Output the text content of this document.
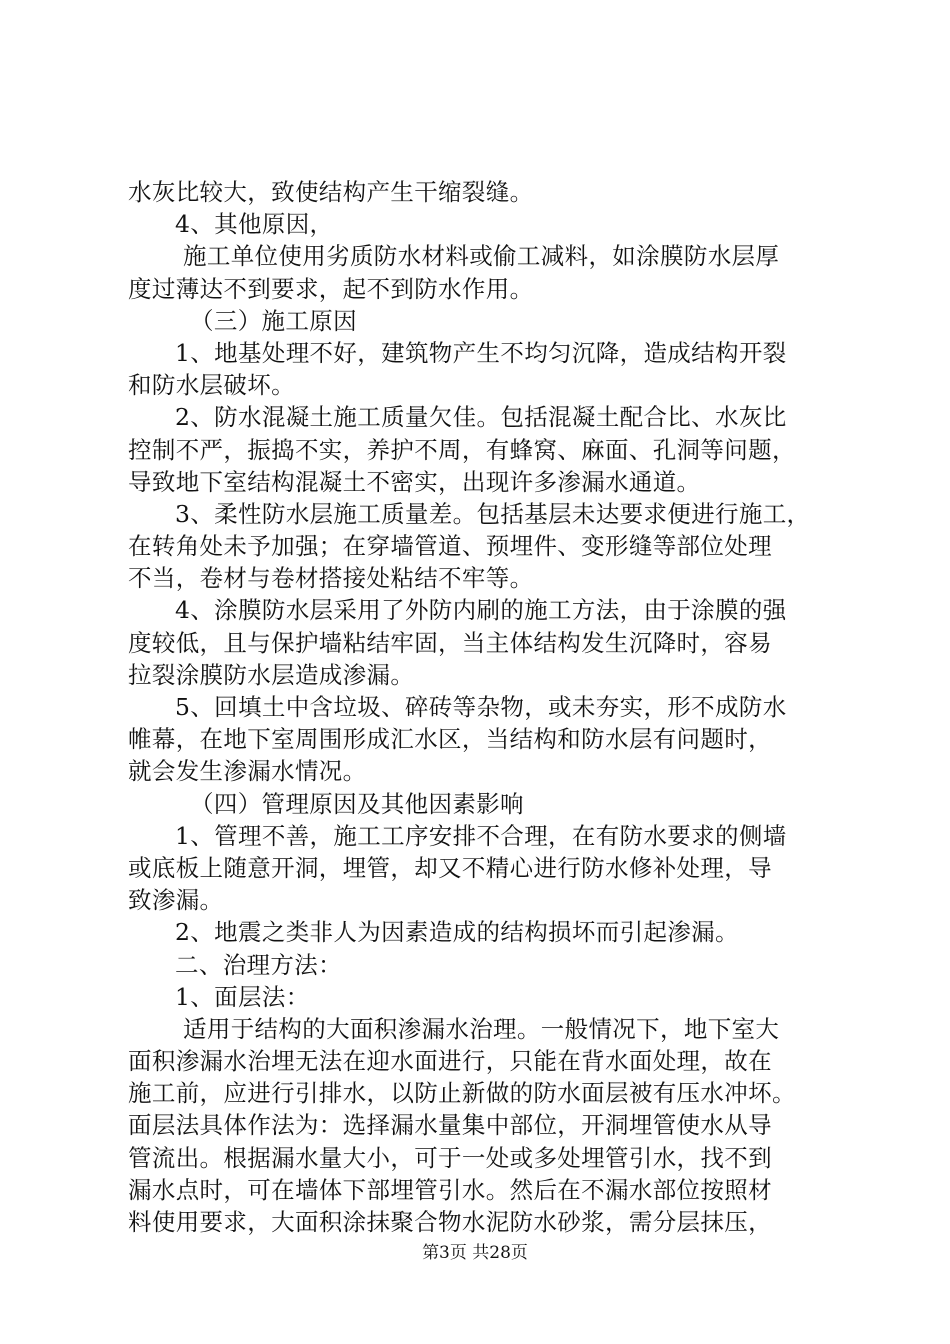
水灰比较大，致使结构产生干缩裂缝。
4、其他原因，
施工单位使用劣质防水材料或偷工减料，如涂膜防水层厚
度过薄达不到要求，起不到防水作用。
（三）施工原因
1、地基处理不好，建筑物产生不均匀沉降，造成结构开裂
和防水层破坏。
2、防水混凝土施工质量欠佳。包括混凝土配合比、水灰比
控制不严，振捣不实，养护不周，有蜂窝、麻面、孔洞等问题，
导致地下室结构混凝土不密实，出现许多渗漏水通道。
3、柔性防水层施工质量差。包括基层未达要求便进行施工，
在转角处未予加强；在穿墙管道、预埋件、变形缝等部位处理
不当，卷材与卷材搭接处粘结不牢等。
4、涂膜防水层采用了外防内刷的施工方法，由于涂膜的强
度较低，且与保护墙粘结牢固，当主体结构发生沉降时，容易
拉裂涂膜防水层造成渗漏。
5、回填土中含垃圾、碎砖等杂物，或未夯实，形不成防水
帷幕，在地下室周围形成汇水区，当结构和防水层有问题时，
就会发生渗漏水情况。
（四）管理原因及其他因素影响
1、管理不善，施工工序安排不合理，在有防水要求的侧墙
或底板上随意开洞，埋管，却又不精心进行防水修补处理，导
致渗漏。
2、地震之类非人为因素造成的结构损坏而引起渗漏。
二、治理方法：
1、面层法：
适用于结构的大面积渗漏水治理。一般情况下，地下室大
面积渗漏水治埋无法在迎水面进行，只能在背水面处理，故在
施工前，应进行引排水，以防止新做的防水面层被有压水冲坏。
面层法具体作法为：选择漏水量集中部位，开洞埋管使水从导
管流出。根据漏水量大小，可于一处或多处埋管引水，找不到
漏水点时，可在墙体下部埋管引水。然后在不漏水部位按照材
料使用要求，大面积涂抹聚合物水泥防水砂浆，需分层抹压，
第3页 共28页
